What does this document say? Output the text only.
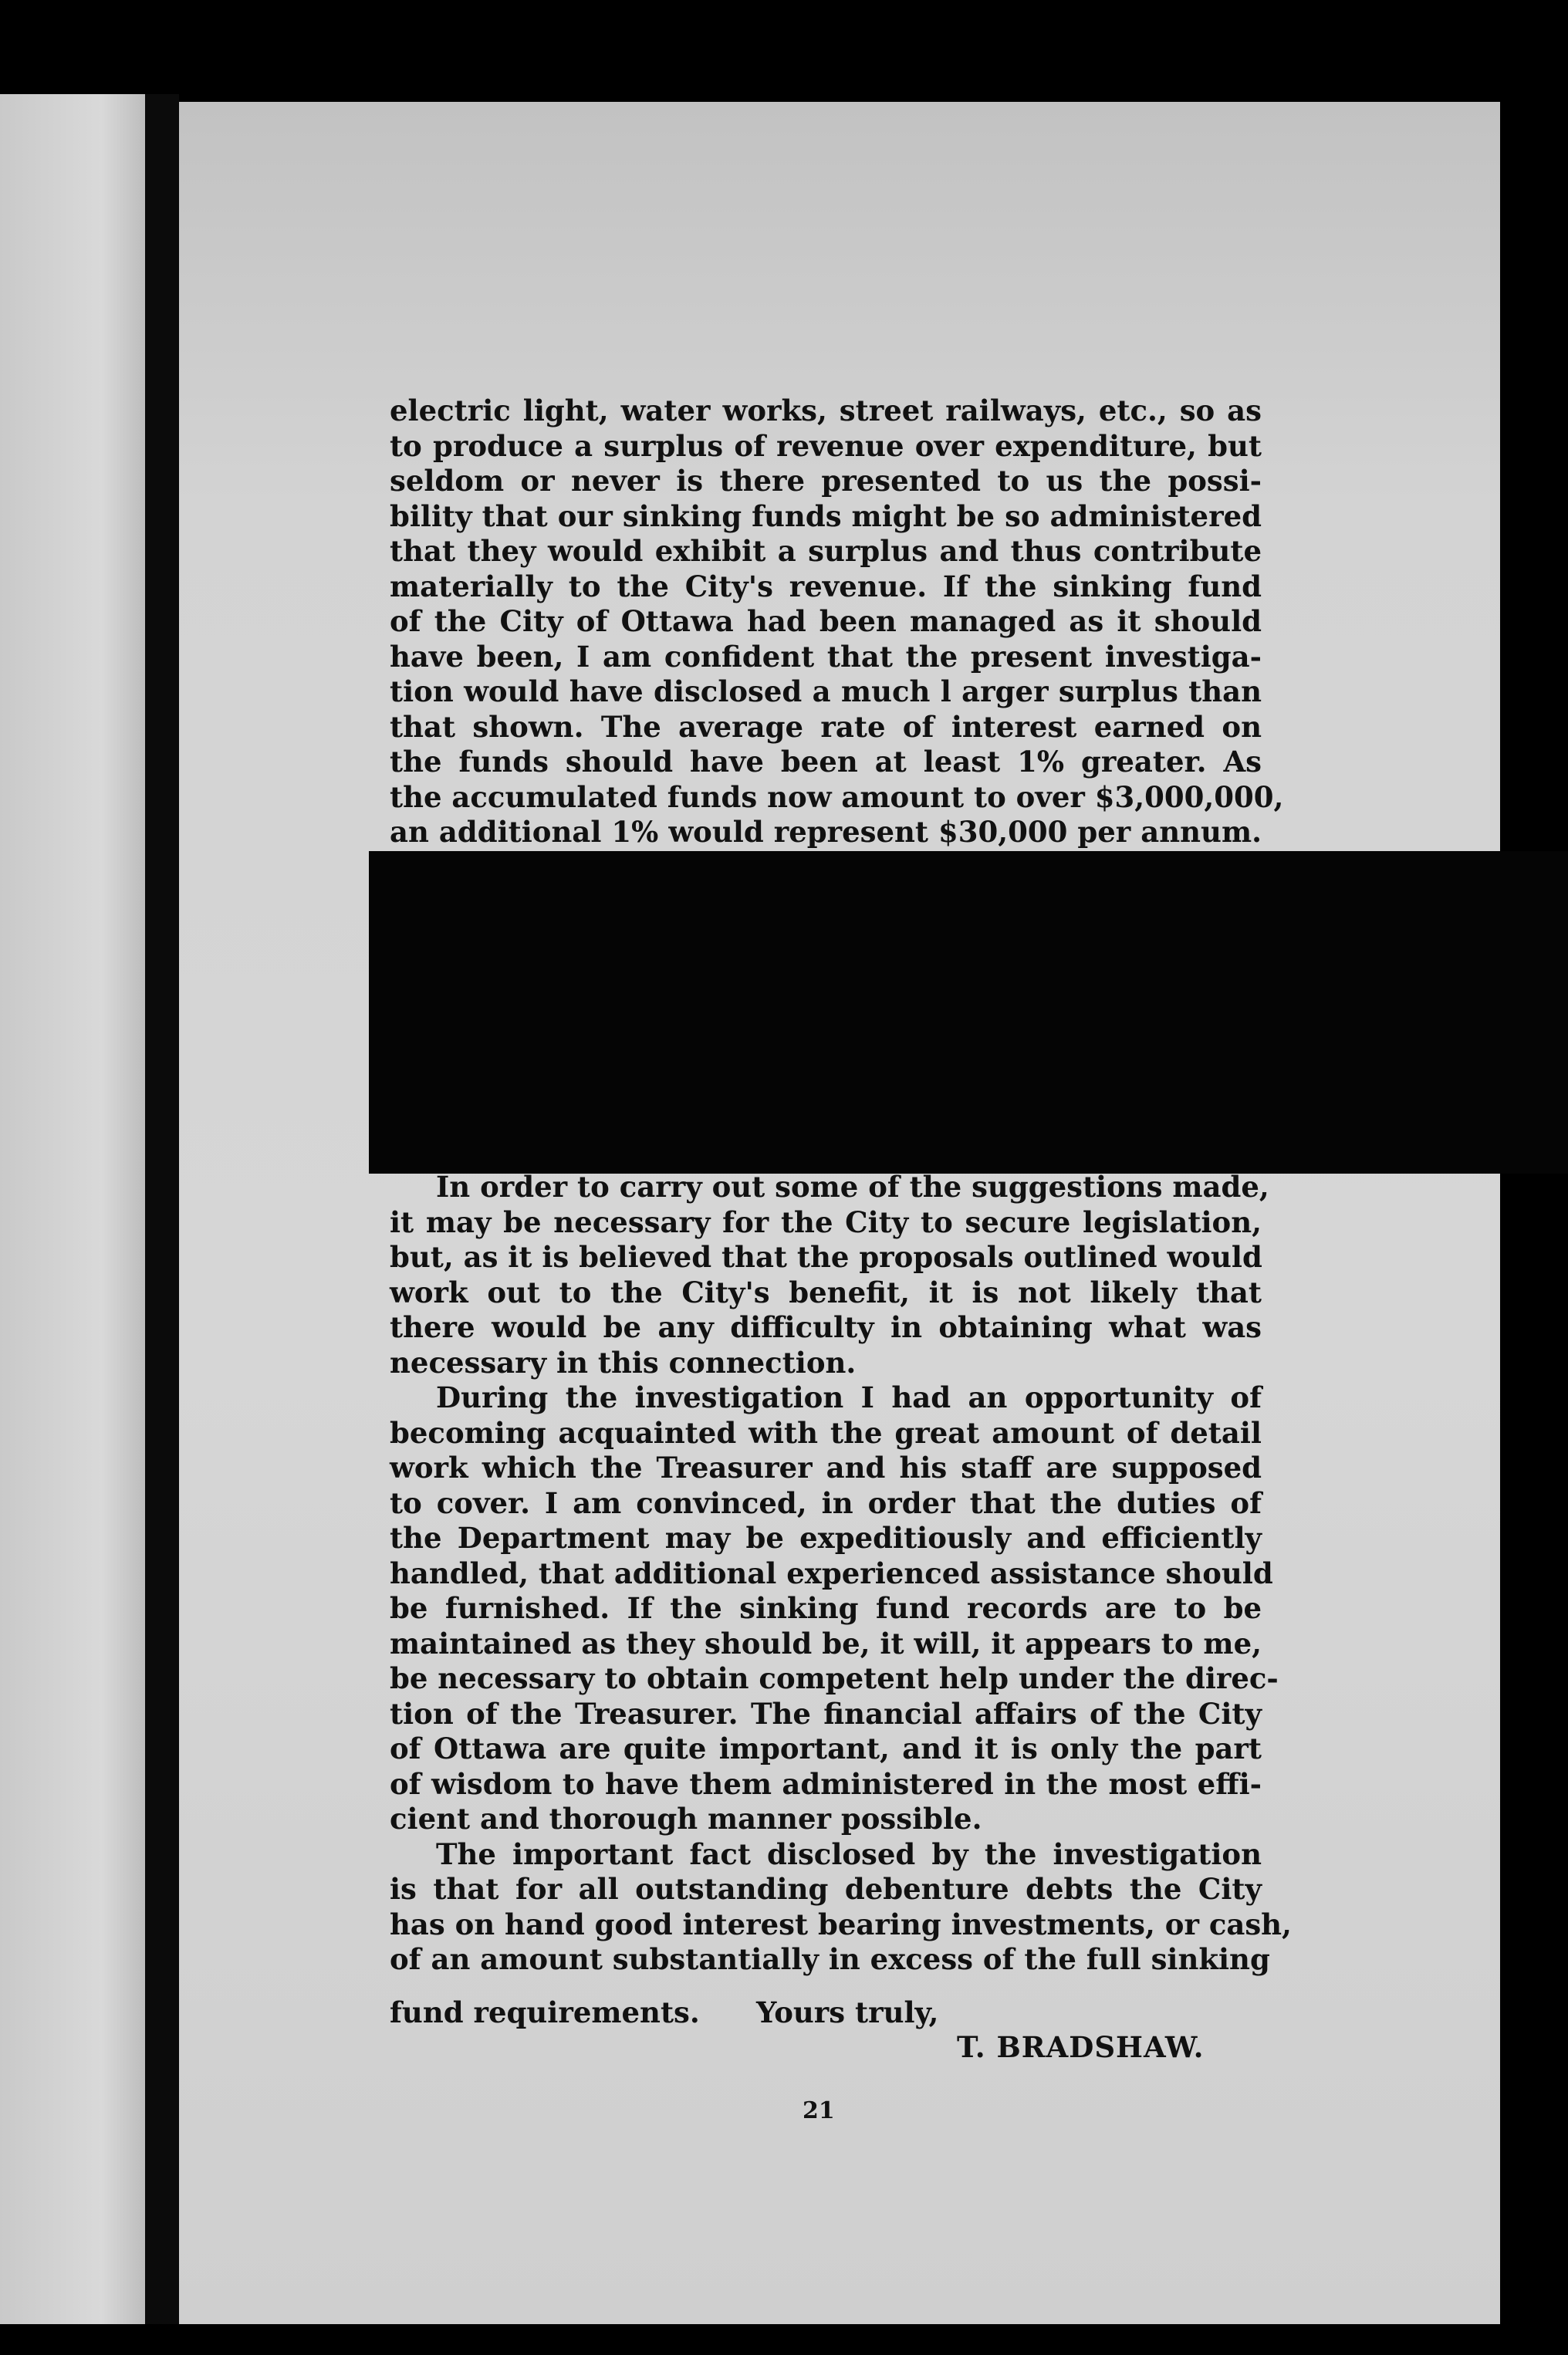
electric light, water works, street railways, etc., so as
to produce a surplus of revenue over expenditure, but
seldom or never is there presented to us the possi-
bility that our sinking funds might be so administered
that they would exhibit a surplus and thus contribute
materially to the City's revenue. If the sinking fund
of the City of Ottawa had been managed as it should
have been, I am confident that the present investiga-
tion would have disclosed a much l arger surplus than
that shown. The average rate of interest earned on
the funds should have been at least 1% greater. As
the accumulated funds now amount to over $3,000,000,
an additional 1% would represent $30,000 per annum.
In order to carry out some of the suggestions made,
it may be necessary for the City to secure legislation,
but, as it is believed that the proposals outlined would
work out to the City's benefit, it is not likely that
there would be any difficulty in obtaining what was
necessary in this connection.
During the investigation I had an opportunity of
becoming acquainted with the great amount of detail
work which the Treasurer and his staff are supposed
to cover. I am convinced, in order that the duties of
the Department may be expeditiously and efficiently
handled, that additional experienced assistance should
be furnished. If the sinking fund records are to be
maintained as they should be, it will, it appears to me,
be necessary to obtain competent help under the direc-
tion of the Treasurer. The financial affairs of the City
of Ottawa are quite important, and it is only the part
of wisdom to have them administered in the most effi-
cient and thorough manner possible.
The important fact disclosed by the investigation
is that for all outstanding debenture debts the City
has on hand good interest bearing investments, or cash,
of an amount substantially in excess of the full sinking
fund requirements. Yours truly,
T. BRADSHAW.
21
